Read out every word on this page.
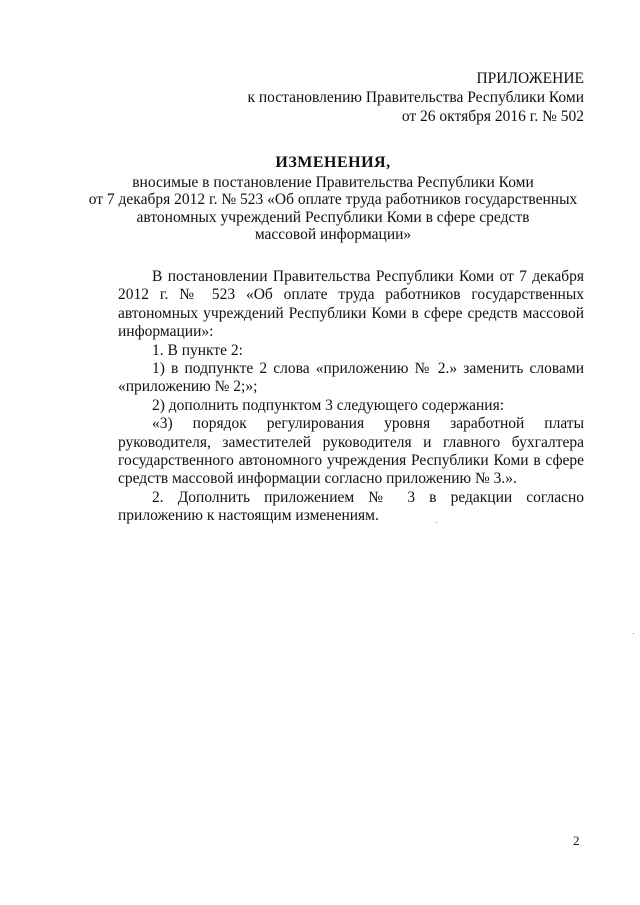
ПРИЛОЖЕНИЕ
к постановлению Правительства Республики Коми
от 26 октября 2016 г. № 502
ИЗМЕНЕНИЯ,
вносимые в постановление Правительства Республики Коми
от 7 декабря 2012 г. № 523 «Об оплате труда работников государственных
автономных учреждений Республики Коми в сфере средств
массовой информации»

В постановлении Правительства Республики Коми от 7 декабря 2012 г. № 523 «Об оплате труда работников государственных автономных учреждений Республики Коми в сфере средств массовой информации»:

1. В пункте 2:

1) в подпункте 2 слова «приложению № 2.» заменить словами «приложению № 2;»;

2) дополнить подпунктом 3 следующего содержания:

«3) порядок регулирования уровня заработной платы руководителя, заместителей руководителя и главного бухгалтера государственного автономного учреждения Республики Коми в сфере средств массовой информации согласно приложению № 3.».

2. Дополнить приложением № 3 в редакции согласно приложению к настоящим изменениям.

2
